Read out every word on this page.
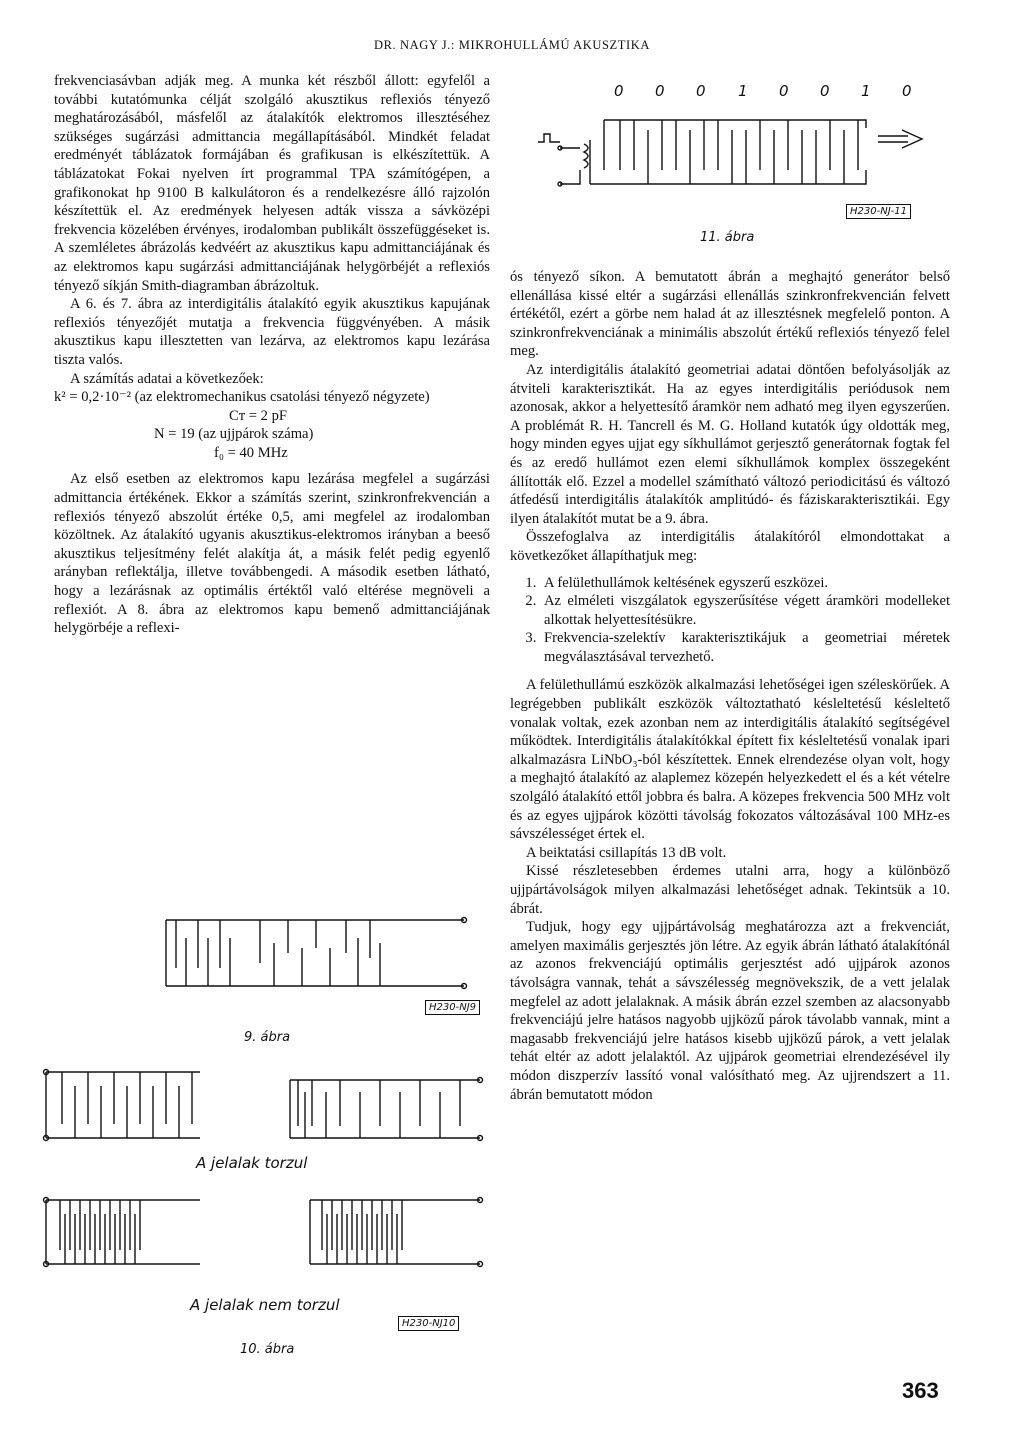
DR. NAGY J.: MIKROHULLÁMÚ AKUSZTIKA

frekvenciasávban adják meg. A munka két részből állott: egyfelől a további kutatómunka célját szolgáló akusztikus reflexiós tényező meghatározásából, másfelől az átalakítók elektromos illesztéséhez szükséges sugárzási admittancia megállapításából. Mindkét feladat eredményét táblázatok formájában és grafikusan is elkészítettük. A táblázatokat Fokai nyelven írt programmal TPA számítógépen, a grafikonokat hp 9100 B kalkulátoron és a rendelkezésre álló rajzolón készítettük el. Az eredmények helyesen adták vissza a sávközépi frekvencia közelében érvényes, irodalomban publikált összefüggéseket is. A szemléletes ábrázolás kedvéért az akusztikus kapu admittanciájának és az elektromos kapu sugárzási admittanciájának helygörbéjét a reflexiós tényező síkján Smith-diagramban ábrázoltuk.

A 6. és 7. ábra az interdigitális átalakító egyik akusztikus kapujának reflexiós tényezőjét mutatja a frekvencia függvényében. A másik akusztikus kapu illesztetten van lezárva, az elektromos kapu lezárása tiszta valós.

A számítás adatai a következőek:

k² = 0,2·10⁻² (az elektromechanikus csatolási tényező négyzete)

Cᴛ = 2 pF

N = 19 (az ujjpárok száma)

f₀ = 40 MHz

Az első esetben az elektromos kapu lezárása megfelel a sugárzási admittancia értékének. Ekkor a számítás szerint, szinkronfrekvencián a reflexiós tényező abszolút értéke 0,5, ami megfelel az irodalomban közöltnek. Az átalakító ugyanis akusztikus-elektromos irányban a beeső akusztikus teljesítmény felét alakítja át, a másik felét pedig egyenlő arányban reflektálja, illetve továbbengedi. A második esetben látható, hogy a lezárásnak az optimális értéktől való eltérése megnöveli a reflexiót. A 8. ábra az elektromos kapu bemenő admittanciájának helygörbéje a reflexi-

0 0 0 1 0 0 1 0
H230-NJ-11
11. ábra

ós tényező síkon. A bemutatott ábrán a meghajtó generátor belső ellenállása kissé eltér a sugárzási ellenállás szinkronfrekvencián felvett értékétől, ezért a görbe nem halad át az illesztésnek megfelelő ponton. A szinkronfrekvenciának a minimális abszolút értékű reflexiós tényező felel meg.

Az interdigitális átalakító geometriai adatai döntően befolyásolják az átviteli karakterisztikát. Ha az egyes interdigitális periódusok nem azonosak, akkor a helyettesítő áramkör nem adható meg ilyen egyszerűen. A problémát R. H. Tancrell és M. G. Holland kutatók úgy oldották meg, hogy minden egyes ujjat egy síkhullámot gerjesztő generátornak fogtak fel és az eredő hullámot ezen elemi síkhullámok komplex összegeként állították elő. Ezzel a modellel számítható változó periodicitású és változó átfedésű interdigitális átalakítók amplitúdó- és fáziskarakterisztikái. Egy ilyen átalakítót mutat be a 9. ábra.

Összefoglalva az interdigitális átalakítóról elmondottakat a következőket állapíthatjuk meg:

1. A felülethullámok keltésének egyszerű eszközei.
2. Az elméleti viszgálatok egyszerűsítése végett áramköri modelleket alkottak helyettesítésükre.
3. Frekvencia-szelektív karakterisztikájuk a geometriai méretek megválasztásával tervezhető.

A felülethullámú eszközök alkalmazási lehetőségei igen széleskörűek. A legrégebben publikált eszközök változtatható késleltetésű késleltető vonalak voltak, ezek azonban nem az interdigitális átalakító segítségével működtek. Interdigitális átalakítókkal épített fix késleltetésű vonalak ipari alkalmazásra LiNbO₃-ból készítettek. Ennek elrendezése olyan volt, hogy a meghajtó átalakító az alaplemez közepén helyezkedett el és a két vételre szolgáló átalakító ettől jobbra és balra. A közepes frekvencia 500 MHz volt és az egyes ujjpárok közötti távolság fokozatos változásával 100 MHz-es sávszélességet értek el.

A beiktatási csillapítás 13 dB volt.

Kissé részletesebben érdemes utalni arra, hogy a különböző ujjpártávolságok milyen alkalmazási lehetőséget adnak. Tekintsük a 10. ábrát.

Tudjuk, hogy egy ujjpártávolság meghatározza azt a frekvenciát, amelyen maximális gerjesztés jön létre. Az egyik ábrán látható átalakítónál az azonos frekvenciájú optimális gerjesztést adó ujjpárok azonos távolságra vannak, tehát a sávszélesség megnövekszik, de a vett jelalak megfelel az adott jelalaknak. A másik ábrán ezzel szemben az alacsonyabb frekvenciájú jelre hatásos nagyobb ujjközű párok távolabb vannak, mint a magasabb frekvenciájú jelre hatásos kisebb ujjközű párok, a vett jelalak tehát eltér az adott jelalaktól. Az ujjpárok geometriai elrendezésével ily módon diszperzív lassító vonal valósítható meg. Az ujjrendszert a 11. ábrán bemutatott módon

H230-NJ9
9. ábra
A jelalak torzul
A jelalak nem torzul
H230-NJ10
10. ábra
363
